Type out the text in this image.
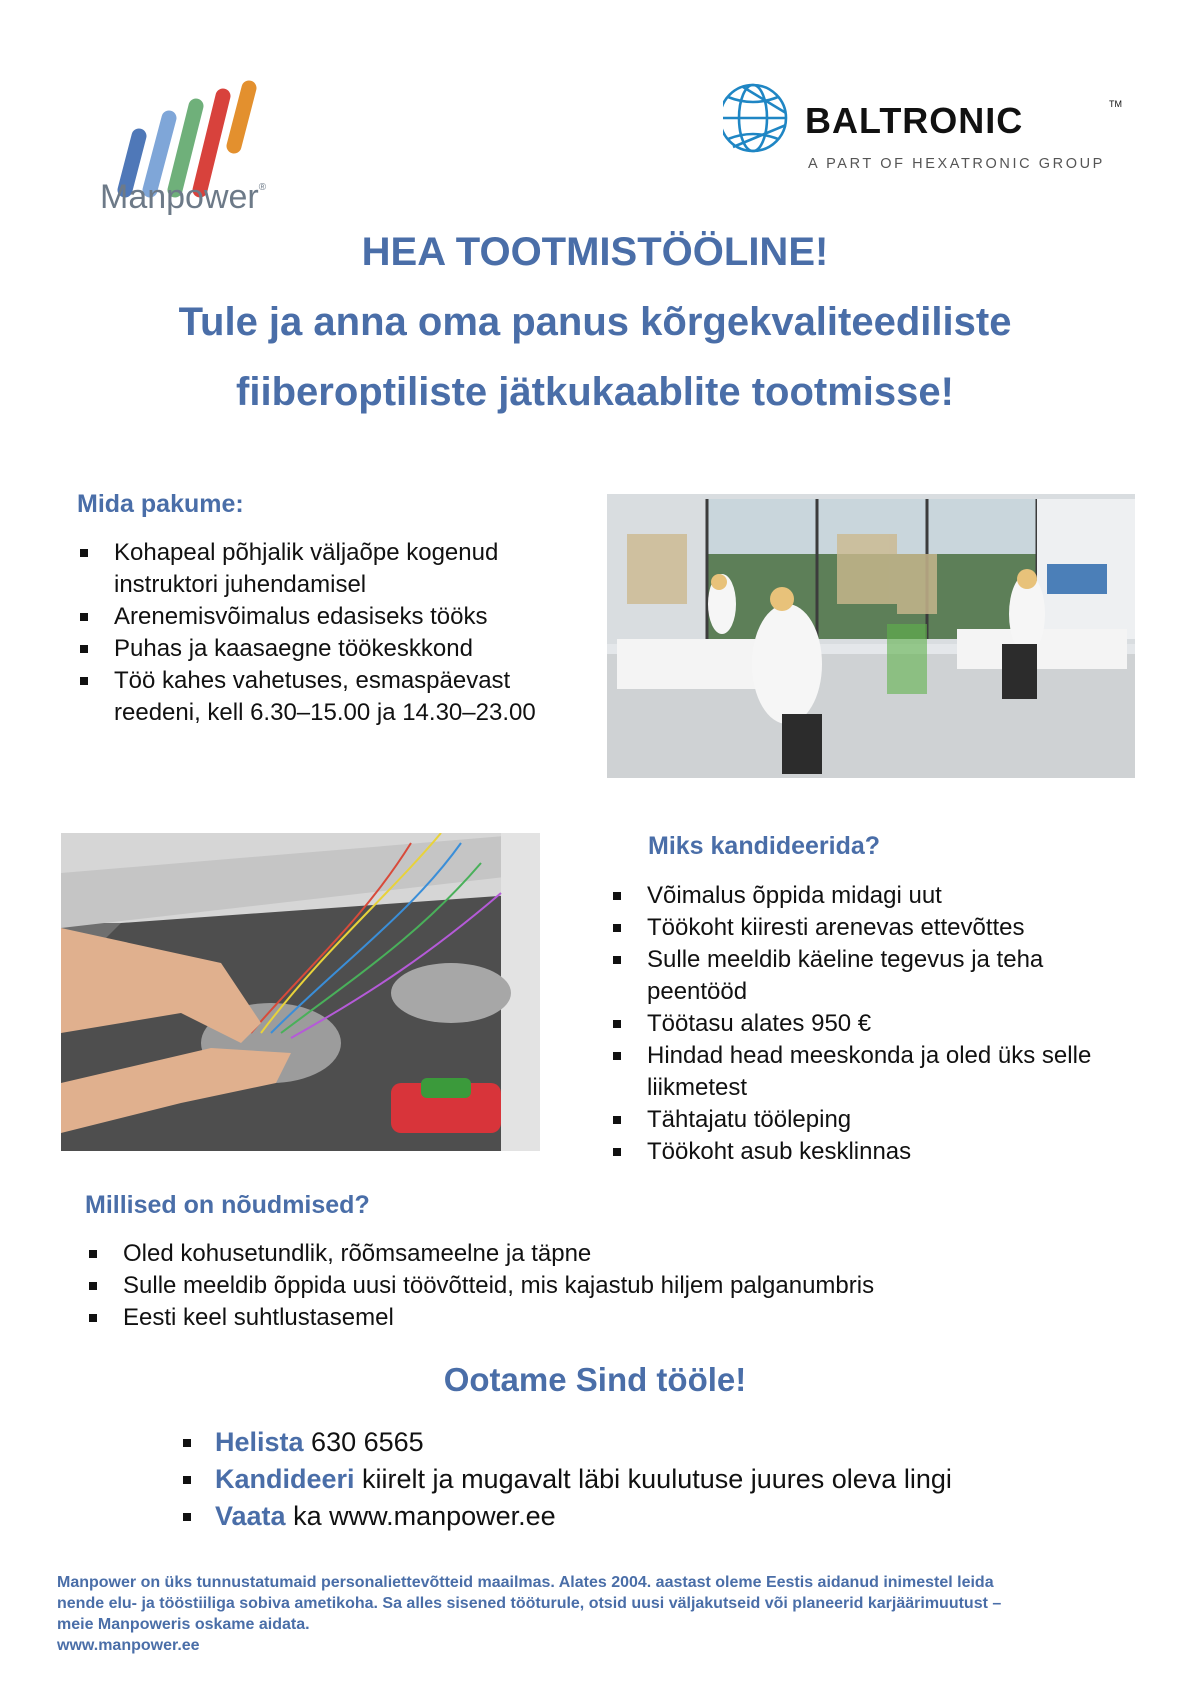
Manpower®
BALTRONIC	TM
A PART OF HEXATRONIC GROUP
HEA TOOTMISTÖÖLINE!
Tule ja anna oma panus kõrgekvaliteediliste
fiiberoptiliste jätkukaablite tootmisse!
Mida pakume:
Kohapeal põhjalik väljaõpe kogenud instruktori juhendamisel
Arenemisvõimalus edasiseks tööks
Puhas ja kaasaegne töökeskkond
Töö kahes vahetuses, esmaspäevast reedeni, kell 6.30–15.00 ja 14.30–23.00
Miks kandideerida?
Võimalus õppida midagi uut
Töökoht kiiresti arenevas ettevõttes
Sulle meeldib käeline tegevus ja teha peentööd
Töötasu alates 950 €
Hindad head meeskonda ja oled üks selle liikmetest
Tähtajatu tööleping
Töökoht asub kesklinnas
Millised on nõudmised?
Oled kohusetundlik, rõõmsameelne ja täpne
Sulle meeldib õppida uusi töövõtteid, mis kajastub hiljem palganumbris
Eesti keel suhtlustasemel
Ootame Sind tööle!
Helista 630 6565
Kandideeri kiirelt ja mugavalt läbi kuulutuse juures oleva lingi
Vaata ka www.manpower.ee
Manpower on üks tunnustatumaid personaliettevõtteid maailmas. Alates 2004. aastast oleme Eestis aidanud inimestel leida
nende elu- ja tööstiiliga sobiva ametikoha. Sa alles sisened tööturule, otsid uusi väljakutseid või planeerid karjäärimuutust –
meie Manpoweris oskame aidata.
www.manpower.ee
